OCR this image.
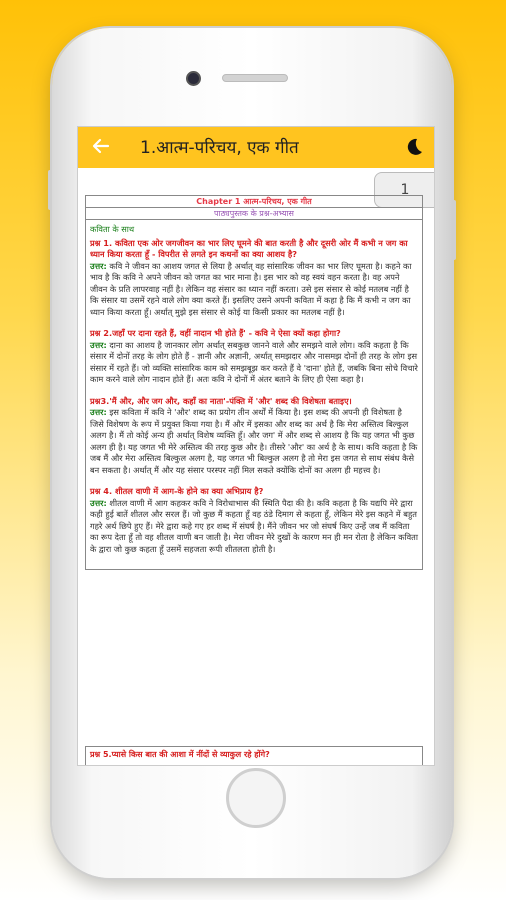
1.आत्म-परिचय, एक गीत
1
Chapter 1 आत्म-परिचय, एक गीत
पाठ्यपुस्तक के प्रश्न-अभ्यास
कविता के साथ
प्रश्न 1. कविता एक ओर जगजीवन का भार लिए घूमने की बात करती है और दूसरी ओर मैं कभी न जग का ध्यान किया करता हूँ - विपरीत से लगते इन कथनों का क्या आशय है?
उत्तर: कवि ने जीवन का आशय जगत से लिया है अर्थात् वह सांसारिक जीवन का भार लिए घूमता है। कहने का भाव है कि कवि ने अपने जीवन को जगत का भार माना है। इस भार को वह स्वयं वहन करता है। वह अपने जीवन के प्रति लापरवाह नहीं है। लेकिन वह संसार का ध्यान नहीं करता। उसे इस संसार से कोई मतलब नहीं है कि संसार या उसमें रहने वाले लोग क्या करते हैं। इसलिए उसने अपनी कविता में कहा है कि मैं कभी न जग का ध्यान किया करता हूँ। अर्थात् मुझे इस संसार से कोई या किसी प्रकार का मतलब नहीं है।
प्रश्न 2.जहाँ पर दाना रहते हैं, वहीं नादान भी होते हैं' - कवि ने ऐसा क्यों कहा होगा?
उत्तर: दाना का आशय है जानकार लोग अर्थात् सबकुछ जानने वाले और समझने वाले लोग। कवि कहता है कि संसार में दोनों तरह के लोग होते हैं - ज्ञानी और अज्ञानी, अर्थात् समझदार और नासमझ दोनों ही तरह के लोग इस संसार में रहते हैं। जो व्यक्ति सांसारिक काम को समझबूझ कर करते हैं वे 'दाना' होते हैं, जबकि बिना सोचे विचारे काम करने वाले लोग नादान होते हैं। अतः कवि ने दोनों में अंतर बताने के लिए ही ऐसा कहा है।
प्रश्न3.'मैं और, और जग और, कहाँ का नाता'-पंक्ति में 'और' शब्द की विशेषता बताइए।
उत्तर: इस कविता में कवि ने 'और' शब्द का प्रयोग तीन अर्थों में किया है। इस शब्द की अपनी ही विशेषता है जिसे विशेषण के रूप में प्रयुक्त किया गया है। मैं और में इसका और शब्द का अर्थ है कि मेरा अस्तित्व बिल्कुल अलग है। मैं तो कोई अन्य ही अर्थात् विशेष व्यक्ति हूँ। और जग' में और शब्द से आशय है कि यह जगत भी कुछ अलग ही है। यह जगत भी मेरे अस्तित्व की तरह कुछ और है। तीसरे 'और' का अर्थ है के साथ। कवि कहता है कि जब मैं और मेरा अस्तित्व बिल्कुल अलग है, यह जगत भी बिल्कुल अलग है तो मेरा इस जगत से साथ संबंध कैसे बन सकता है। अर्थात् मैं और यह संसार परस्पर नहीं मिल सकते क्योंकि दोनों का अलग ही महत्त्व है।
प्रश्न 4. शीतल वाणी में आग-के होने का क्या अभिप्राय है?
उत्तर: शीतल वाणी में आग कहकर कवि ने विरोधाभास की स्थिति पैदा की है। कवि कहता है कि यद्यपि मेरे द्वारा कही हुई बातें शीतल और सरल हैं। जो कुछ मैं कहता हूँ वह ठंडे दिमाग से कहता हूँ, लेकिन मेरे इस कहने में बहुत गहरे अर्थ छिपे हुए हैं। मेरे द्वारा कहे गए हर शब्द में संघर्ष है। मैंने जीवन भर जो संघर्ष किए उन्हें जब मैं कविता का रूप देता हूँ तो वह शीतल वाणी बन जाती है। मेरा जीवन मेरे दुखों के कारण मन ही मन रोता है लेकिन कविता के द्वारा जो कुछ कहता हूँ उसमें सहजता रूपी शीतलता होती है।
प्रश्न 5.प्यासे किस बात की आशा में नींदों से व्याकुल रहे होंगे?
